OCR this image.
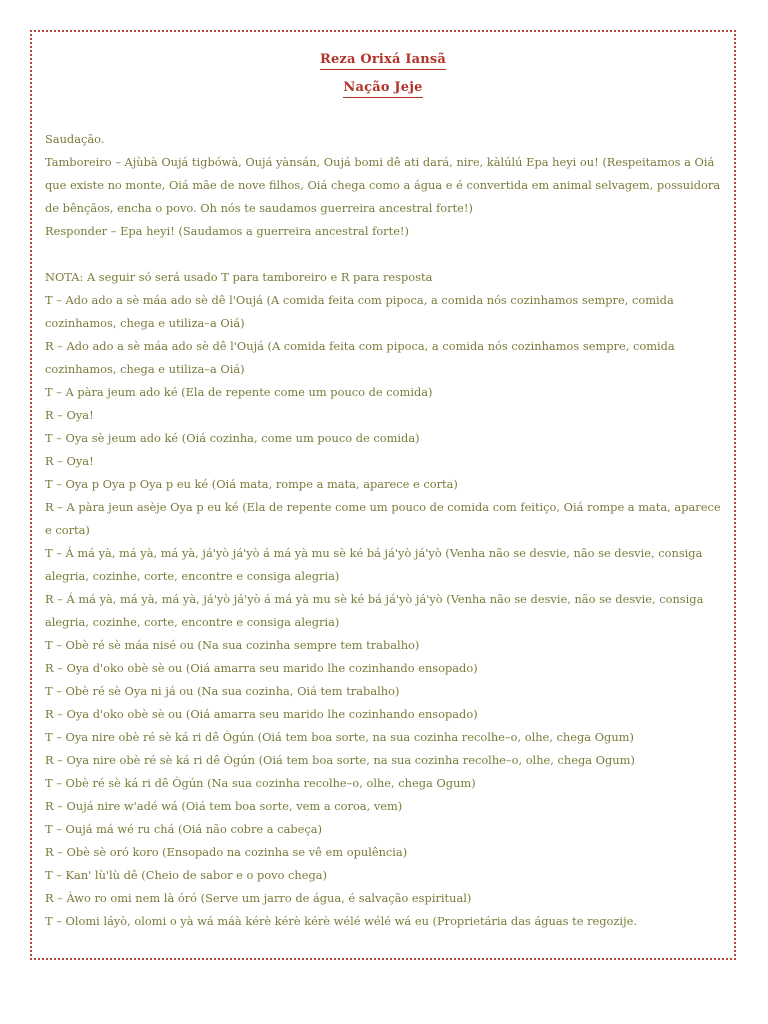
Reza Orixá Iansã
Nação Jeje

Saudação.

Tamboreiro – Ajùbà Oujá tigbówà, Oujá yànsán, Oujá bomi dê ati dará, nire, kàlúlú Epa heyi ou! (Respeitamos a Oiá que existe no monte, Oiá mãe de nove filhos, Oiá chega como a água e é convertida em animal selvagem, possuidora de bênçãos, encha o povo. Oh nós te saudamos guerreira ancestral forte!)

Responder – Epa heyi! (Saudamos a guerreira ancestral forte!)

NOTA: A seguir só será usado T para tamboreiro e R para resposta

T – Ado ado a sè máa ado sè dê l'Oujá (A comida feita com pipoca, a comida nós cozinhamos sempre, comida cozinhamos, chega e utiliza–a Oiá)

R – Ado ado a sè máa ado sè dê l'Oujá (A comida feita com pipoca, a comida nós cozinhamos sempre, comida cozinhamos, chega e utiliza–a Oiá)

T – A pàra jeum ado ké (Ela de repente come um pouco de comida)

R – Oya!

T – Oya sè jeum ado ké (Oiá cozinha, come um pouco de comida)

R – Oya!

T – Oya p Oya p Oya p eu ké (Oiá mata, rompe a mata, aparece e corta)

R – A pàra jeun asèje Oya p eu ké (Ela de repente come um pouco de comida com feitiço, Oiá rompe a mata, aparece e corta)

T – Á má yà, má yà, má yà, já'yò já'yò á má yà mu sè ké bá já'yò já'yò (Venha não se desvie, não se desvie, consiga alegria, cozinhe, corte, encontre e consiga alegria)

R – Á má yà, má yà, má yà, já'yò já'yò á má yà mu sè ké bá já'yò já'yò (Venha não se desvie, não se desvie, consiga alegria, cozinhe, corte, encontre e consiga alegria)

T – Obè ré sè máa nisé ou (Na sua cozinha sempre tem trabalho)

R – Oya d'oko obè sè ou (Oiá amarra seu marido lhe cozinhando ensopado)

T – Obè ré sè Oya ni já ou (Na sua cozinha, Oiá tem trabalho)

R – Oya d'oko obè sè ou (Oiá amarra seu marido lhe cozinhando ensopado)

T – Oya nire obè ré sè ká ri dê Ògún (Oiá tem boa sorte, na sua cozinha recolhe–o, olhe, chega Ogum)

R – Oya nire obè ré sè ká ri dê Ògún (Oiá tem boa sorte, na sua cozinha recolhe–o, olhe, chega Ogum)

T – Obè ré sè ká ri dê Ògún (Na sua cozinha recolhe–o, olhe, chega Ogum)

R – Oujá nire w'adé wá (Oiá tem boa sorte, vem a coroa, vem)

T – Oujá má wé ru chá (Oiá não cobre a cabeça)

R – Obè sè oró koro (Ensopado na cozinha se vê em opulência)

T – Kan' lù'lù dê (Cheio de sabor e o povo chega)

R – Àwo ro omi nem là óró (Serve um jarro de água, é salvação espiritual)

T – Olomi láyò, olomi o yà wá máà kérè kérè kérè wélé wélé wá eu (Proprietária das águas te regozije.
